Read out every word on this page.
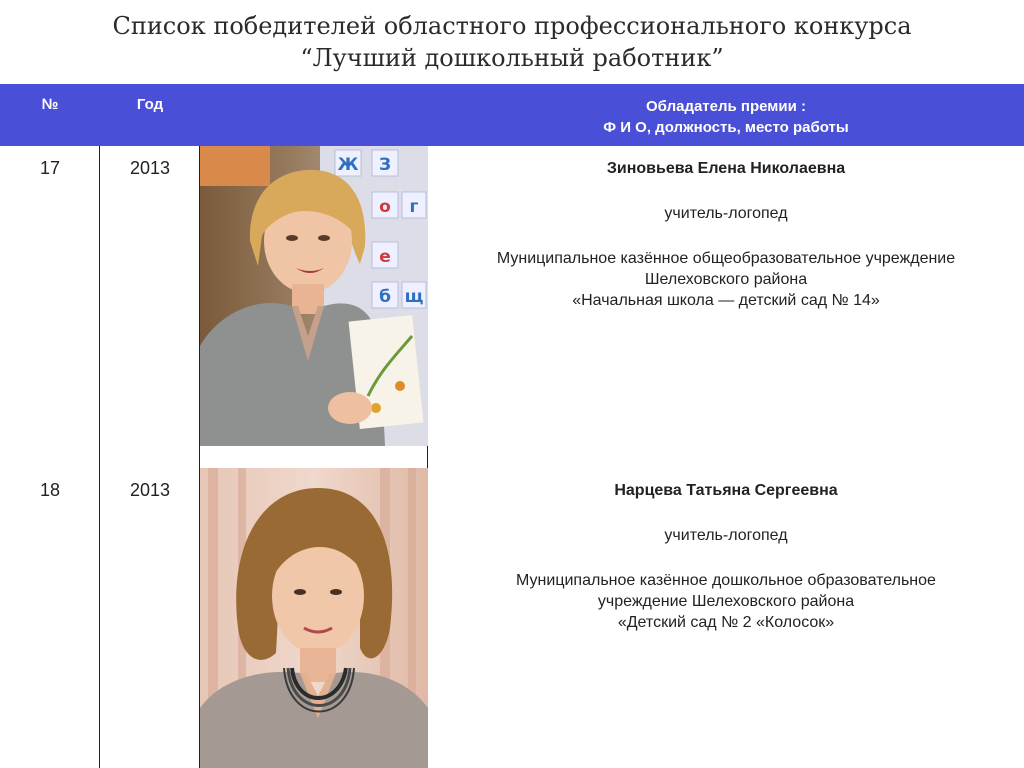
Список победителей областного профессионального конкурса
“Лучший дошкольный работник”
№	Год	Обладатель премии :
Ф И О, должность, место работы
17	2013	Ж З
о г
е
б щ

Зиновьева Елена Николаевна

учитель-логопед

Муниципальное казённое общеобразовательное учреждение
Шелеховского района
«Начальная школа — детский сад № 14»

18	2013	Нарцева Татьяна Сергеевна

учитель-логопед

Муниципальное казённое дошкольное образовательное
учреждение Шелеховского района
«Детский сад № 2 «Колосок»
